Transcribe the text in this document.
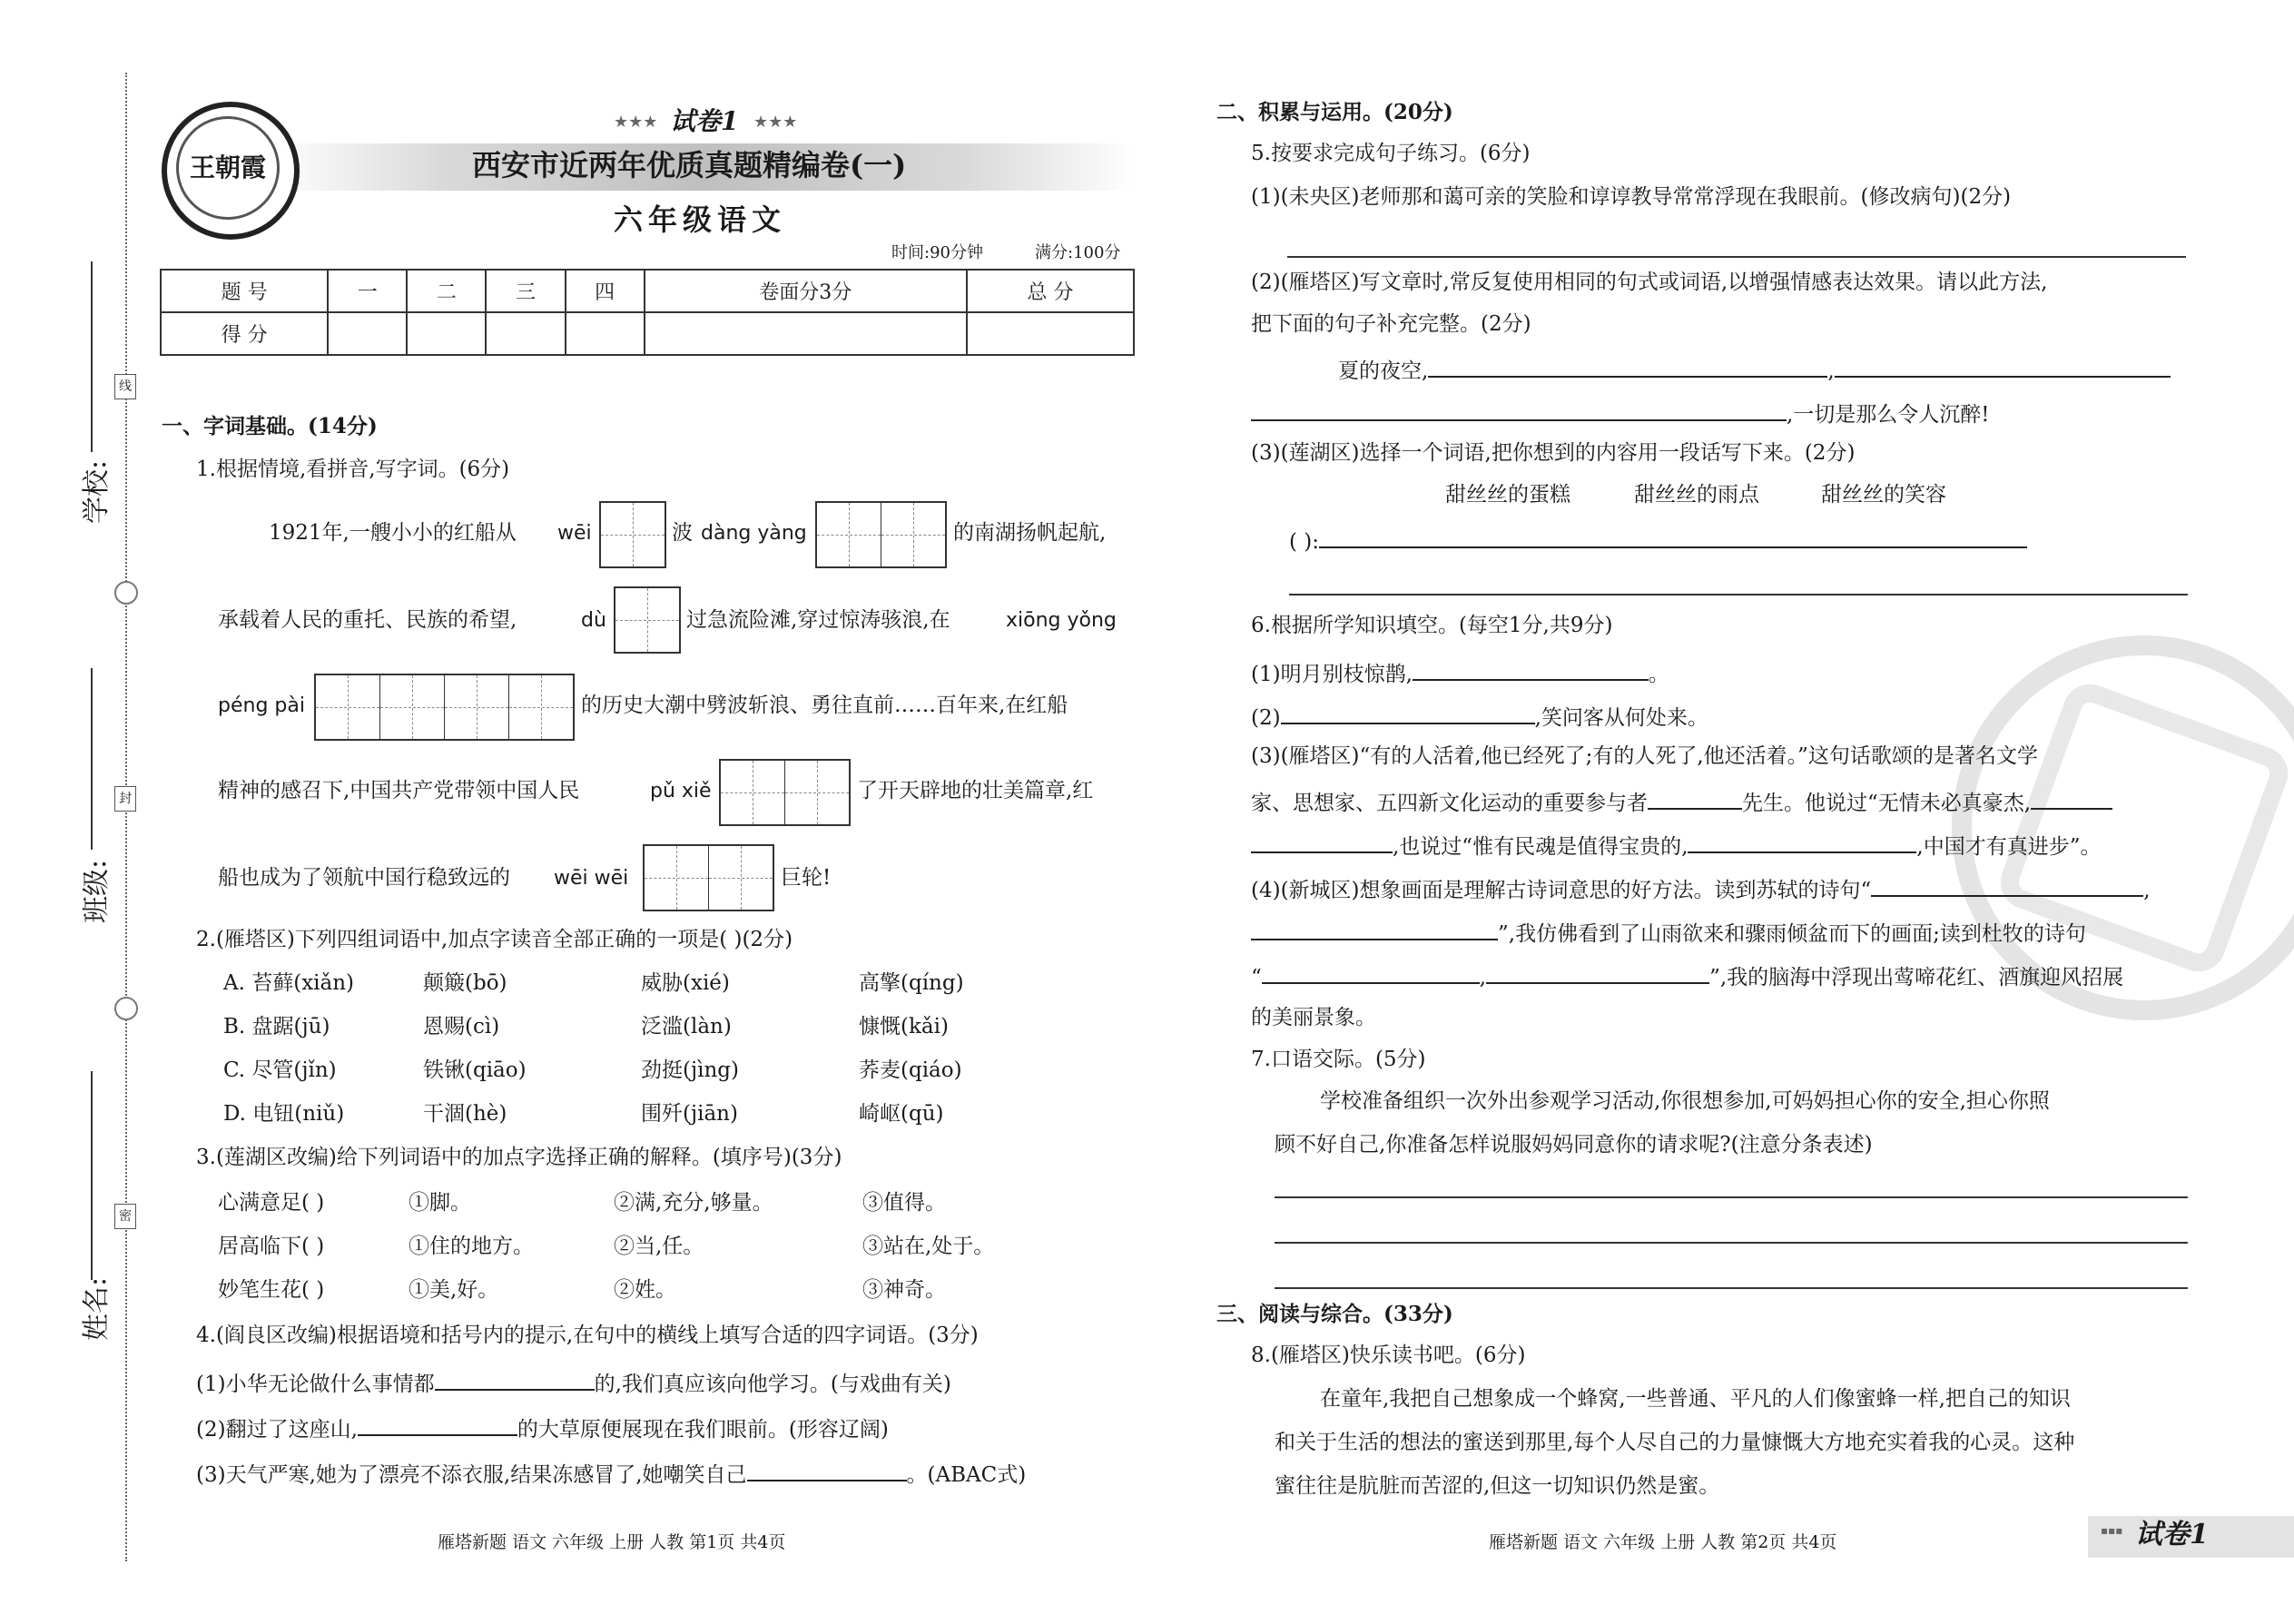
线
封
密
学校:
班级:
姓名:
王朝霞
★★★ 试卷1 ★★★
西安市近两年优质真题精编卷(一)
六年级语文
时间:90分钟	满分:100分
题 号	一	二	三	四	卷面分3分	总 分
得 分						
一、字词基础。(14分)
1.根据情境,看拼音,写字词。(6分)
1921年,一艘小小的红船从 wēi	波 dàng yàng	的南湖扬帆起航,
承载着人民的重托、民族的希望,	dù	过急流险滩,穿过惊涛骇浪,在	xiōng yǒng
péng pài	的历史大潮中劈波斩浪、勇往直前……百年来,在红船
精神的感召下,中国共产党带领中国人民	pǔ xiě	了开天辟地的壮美篇章,红
船也成为了领航中国行稳致远的 wēi wēi	巨轮!
2.(雁塔区)下列四组词语中,加点字读音全部正确的一项是( )(2分)
A. 苔藓(xiǎn)	颠簸(bō)	威胁(xié)	高擎(qíng)
B. 盘踞(jū)	恩赐(cì)	泛滥(làn)	慷慨(kǎi)
C. 尽管(jǐn)	铁锹(qiāo)	劲挺(jìng)	荞麦(qiáo)
D. 电钮(niǔ)	干涸(hè)	围歼(jiān)	崎岖(qū)
3.(莲湖区改编)给下列词语中的加点字选择正确的解释。(填序号)(3分)
心满意足( )	①脚。	②满,充分,够量。	③值得。
居高临下( )	①住的地方。	②当,任。	③站在,处于。
妙笔生花( )	①美,好。	②姓。	③神奇。
4.(阎良区改编)根据语境和括号内的提示,在句中的横线上填写合适的四字词语。(3分)
(1)小华无论做什么事情都	的,我们真应该向他学习。(与戏曲有关)
(2)翻过了这座山,	的大草原便展现在我们眼前。(形容辽阔)
(3)天气严寒,她为了漂亮不添衣服,结果冻感冒了,她嘲笑自己	。(ABAC式)
雁塔新题 语文 六年级 上册 人教 第1页 共4页
二、积累与运用。(20分)
5.按要求完成句子练习。(6分)
(1)(未央区)老师那和蔼可亲的笑脸和谆谆教导常常浮现在我眼前。(修改病句)(2分)
(2)(雁塔区)写文章时,常反复使用相同的句式或词语,以增强情感表达效果。请以此方法,
把下面的句子补充完整。(2分)
夏的夜空,	,
,一切是那么令人沉醉!
(3)(莲湖区)选择一个词语,把你想到的内容用一段话写下来。(2分)
甜丝丝的蛋糕	甜丝丝的雨点	甜丝丝的笑容
( ):
6.根据所学知识填空。(每空1分,共9分)
(1)明月别枝惊鹊,	。
(2)	,笑问客从何处来。
(3)(雁塔区)“有的人活着,他已经死了;有的人死了,他还活着。”这句话歌颂的是著名文学
家、思想家、五四新文化运动的重要参与者	先生。他说过“无情未必真豪杰,
,也说过“惟有民魂是值得宝贵的,	,中国才有真进步”。
(4)(新城区)想象画面是理解古诗词意思的好方法。读到苏轼的诗句“	,
”,我仿佛看到了山雨欲来和骤雨倾盆而下的画面;读到杜牧的诗句
“	,	”,我的脑海中浮现出莺啼花红、酒旗迎风招展
的美丽景象。
7.口语交际。(5分)
学校准备组织一次外出参观学习活动,你很想参加,可妈妈担心你的安全,担心你照
顾不好自己,你准备怎样说服妈妈同意你的请求呢?(注意分条表述)
三、阅读与综合。(33分)
8.(雁塔区)快乐读书吧。(6分)
在童年,我把自己想象成一个蜂窝,一些普通、平凡的人们像蜜蜂一样,把自己的知识
和关于生活的想法的蜜送到那里,每个人尽自己的力量慷慨大方地充实着我的心灵。这种
蜜往往是肮脏而苦涩的,但这一切知识仍然是蜜。
雁塔新题 语文 六年级 上册 人教 第2页 共4页
▪▪▪ 试卷1
